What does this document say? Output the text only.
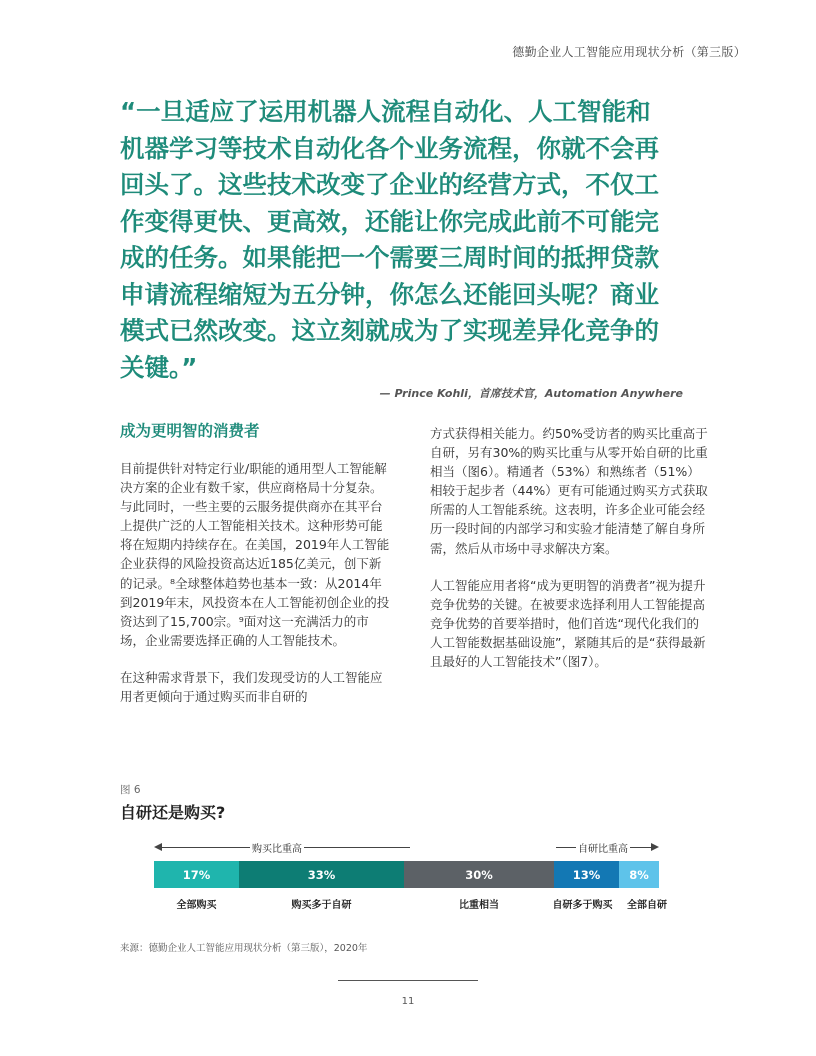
德勤企业人工智能应用现状分析（第三版）

“一旦适应了运用机器人流程自动化、人工智能和

机器学习等技术自动化各个业务流程，你就不会再

回头了。这些技术改变了企业的经营方式，不仅工

作变得更快、更高效，还能让你完成此前不可能完

成的任务。如果能把一个需要三周时间的抵押贷款

申请流程缩短为五分钟，你怎么还能回头呢？商业

模式已然改变。这立刻就成为了实现差异化竞争的

关键。”

— Prince Kohli，首席技术官，Automation Anywhere
成为更明智的消费者

目前提供针对特定行业/职能的通用型人工智能解决方案的企业有数千家，供应商格局十分复杂。与此同时，一些主要的云服务提供商亦在其平台上提供广泛的人工智能相关技术。这种形势可能将在短期内持续存在。在美国，2019年人工智能企业获得的风险投资高达近185亿美元，创下新的记录。⁸全球整体趋势也基本一致：从2014年到2019年末，风投资本在人工智能初创企业的投资达到了15,700宗。⁹面对这一充满活力的市场，企业需要选择正确的人工智能技术。

在这种需求背景下，我们发现受访的人工智能应用者更倾向于通过购买而非自研的

方式获得相关能力。约50%受访者的购买比重高于自研，另有30%的购买比重与从零开始自研的比重相当（图6）。精通者（53%）和熟练者（51%）相较于起步者（44%）更有可能通过购买方式获取所需的人工智能系统。这表明，许多企业可能会经历一段时间的内部学习和实验才能清楚了解自身所需，然后从市场中寻求解决方案。

人工智能应用者将“成为更明智的消费者”视为提升竞争优势的关键。在被要求选择利用人工智能提高竞争优势的首要举措时，他们首选“现代化我们的人工智能数据基础设施”，紧随其后的是“获得最新且最好的人工智能技术”（图7）。

图 6
自研还是购买?
购买比重高	自研比重高
17%	33%	30%	13%	8%
全部购买	购买多于自研	比重相当	自研多于购买 全部自研
来源：德勤企业人工智能应用现状分析（第三版），2020年
11
